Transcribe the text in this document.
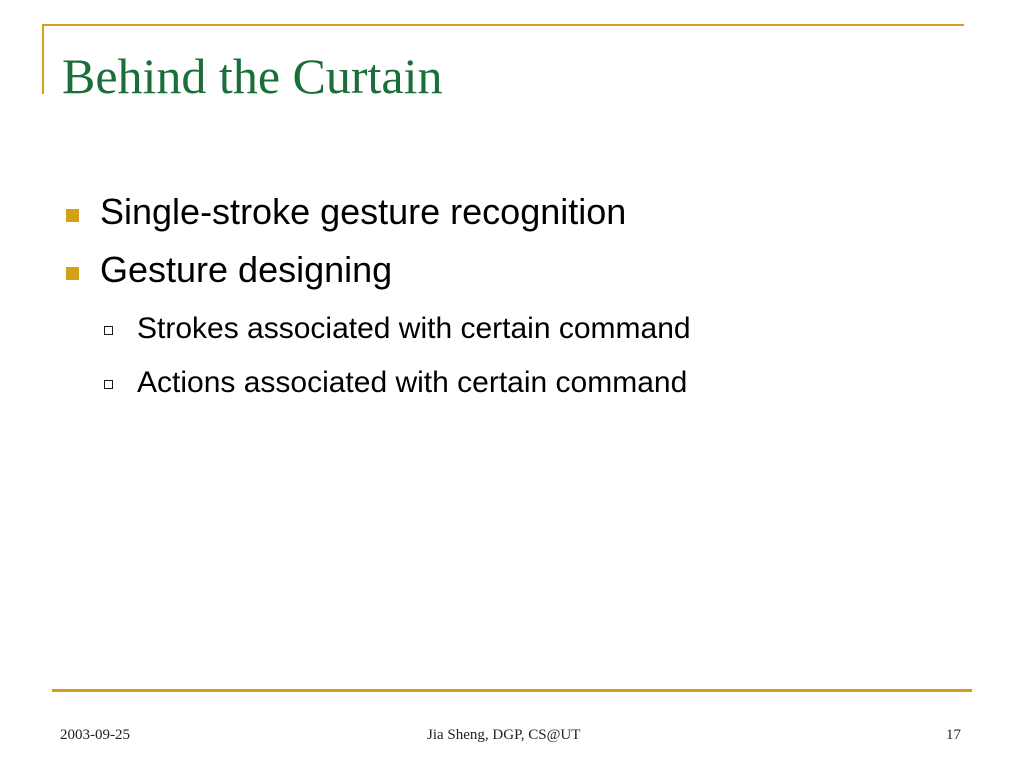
Behind the Curtain
Single-stroke gesture recognition
Gesture designing
Strokes associated with certain command
Actions associated with certain command
2003-09-25	Jia Sheng, DGP, CS@UT	17
